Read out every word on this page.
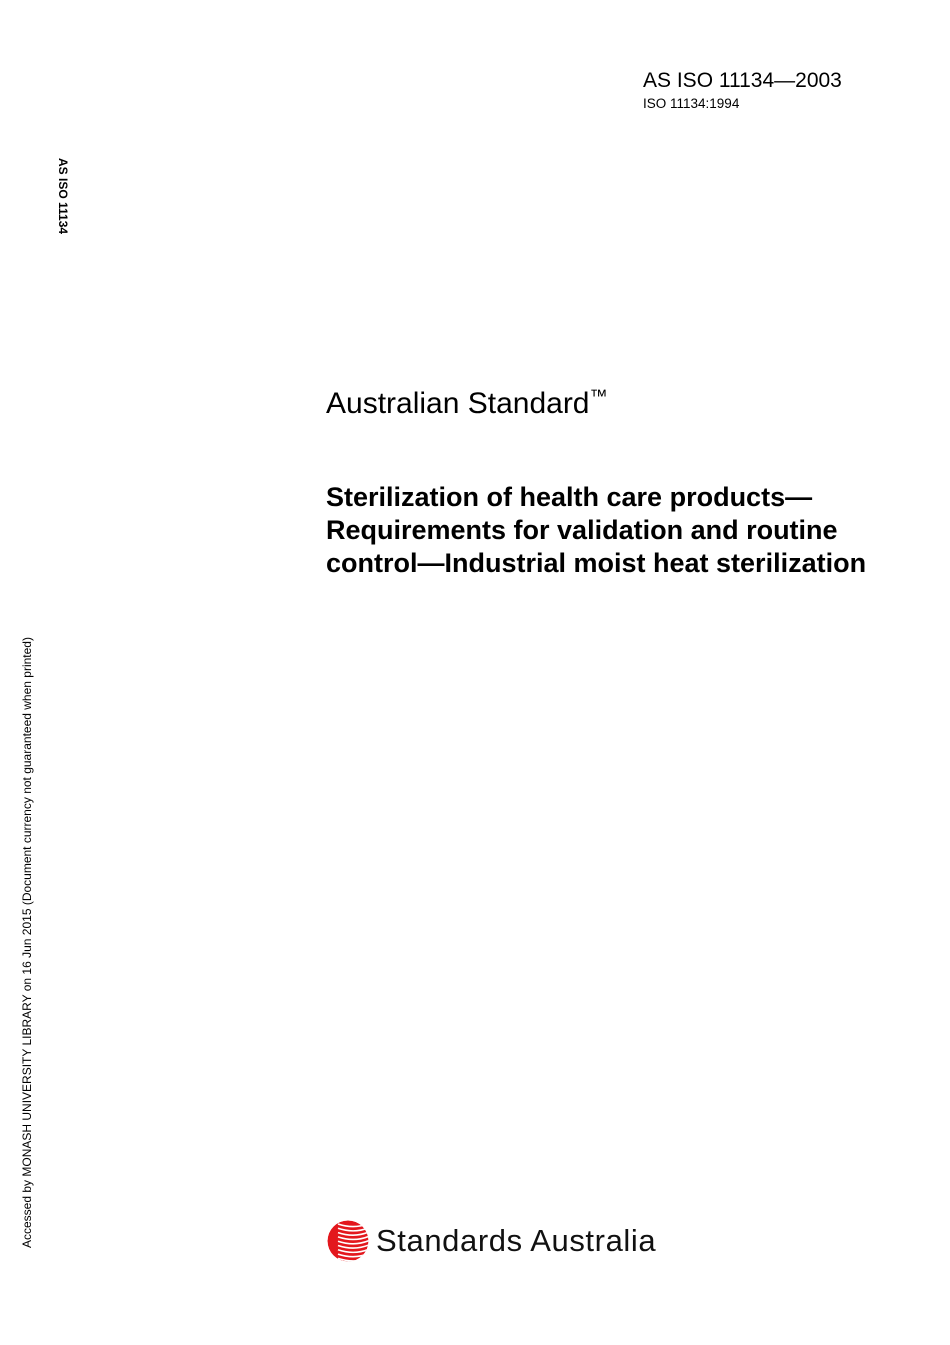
AS ISO 11134—2003
ISO 11134:1994
AS ISO 11134
Accessed by MONASH UNIVERSITY LIBRARY on 16 Jun 2015 (Document currency not guaranteed when printed)
Australian Standard™
Sterilization of health care products—Requirements for validation and routine control—Industrial moist heat sterilization
Standards Australia
